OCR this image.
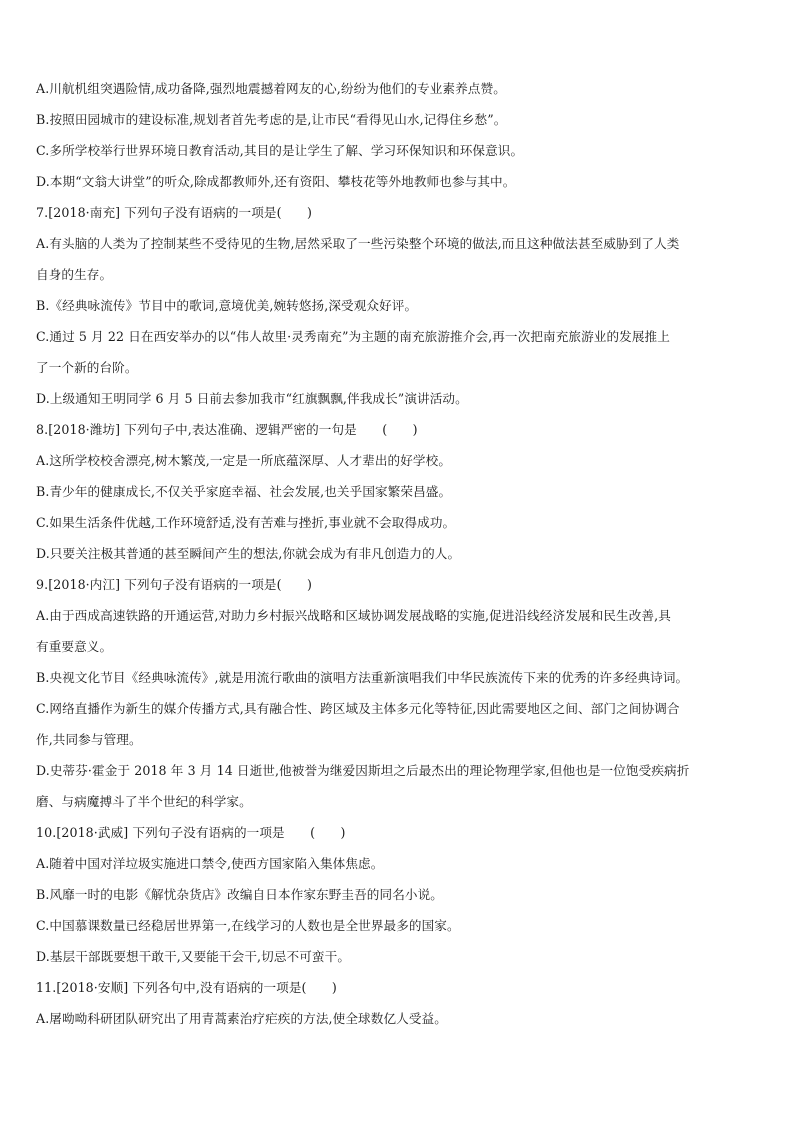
A.川航机组突遇险情,成功备降,强烈地震撼着网友的心,纷纷为他们的专业素养点赞。

B.按照田园城市的建设标准,规划者首先考虑的是,让市民“看得见山水,记得住乡愁”。

C.多所学校举行世界环境日教育活动,其目的是让学生了解、学习环保知识和环保意识。

D.本期“文翁大讲堂”的听众,除成都教师外,还有资阳、攀枝花等外地教师也参与其中。

7.[2018·南充] 下列句子没有语病的一项是(　　)

A.有头脑的人类为了控制某些不受待见的生物,居然采取了一些污染整个环境的做法,而且这种做法甚至威胁到了人类

自身的生存。

B.《经典咏流传》节目中的歌词,意境优美,婉转悠扬,深受观众好评。

C.通过 5 月 22 日在西安举办的以“伟人故里·灵秀南充”为主题的南充旅游推介会,再一次把南充旅游业的发展推上

了一个新的台阶。

D.上级通知王明同学 6 月 5 日前去参加我市“红旗飘飘,伴我成长”演讲活动。

8.[2018·潍坊] 下列句子中,表达准确、逻辑严密的一句是　　(　　)

A.这所学校校舍漂亮,树木繁茂,一定是一所底蕴深厚、人才辈出的好学校。

B.青少年的健康成长,不仅关乎家庭幸福、社会发展,也关乎国家繁荣昌盛。

C.如果生活条件优越,工作环境舒适,没有苦难与挫折,事业就不会取得成功。

D.只要关注极其普通的甚至瞬间产生的想法,你就会成为有非凡创造力的人。

9.[2018·内江] 下列句子没有语病的一项是(　　)

A.由于西成高速铁路的开通运营,对助力乡村振兴战略和区域协调发展战略的实施,促进沿线经济发展和民生改善,具

有重要意义。

B.央视文化节目《经典咏流传》,就是用流行歌曲的演唱方法重新演唱我们中华民族流传下来的优秀的许多经典诗词。

C.网络直播作为新生的媒介传播方式,具有融合性、跨区域及主体多元化等特征,因此需要地区之间、部门之间协调合

作,共同参与管理。

D.史蒂芬·霍金于 2018 年 3 月 14 日逝世,他被誉为继爱因斯坦之后最杰出的理论物理学家,但他也是一位饱受疾病折

磨、与病魔搏斗了半个世纪的科学家。

10.[2018·武威] 下列句子没有语病的一项是　　(　　)

A.随着中国对洋垃圾实施进口禁令,使西方国家陷入集体焦虑。

B.风靡一时的电影《解忧杂货店》改编自日本作家东野圭吾的同名小说。

C.中国慕课数量已经稳居世界第一,在线学习的人数也是全世界最多的国家。

D.基层干部既要想干敢干,又要能干会干,切忌不可蛮干。

11.[2018·安顺] 下列各句中,没有语病的一项是(　　)

A.屠呦呦科研团队研究出了用青蒿素治疗疟疾的方法,使全球数亿人受益。
